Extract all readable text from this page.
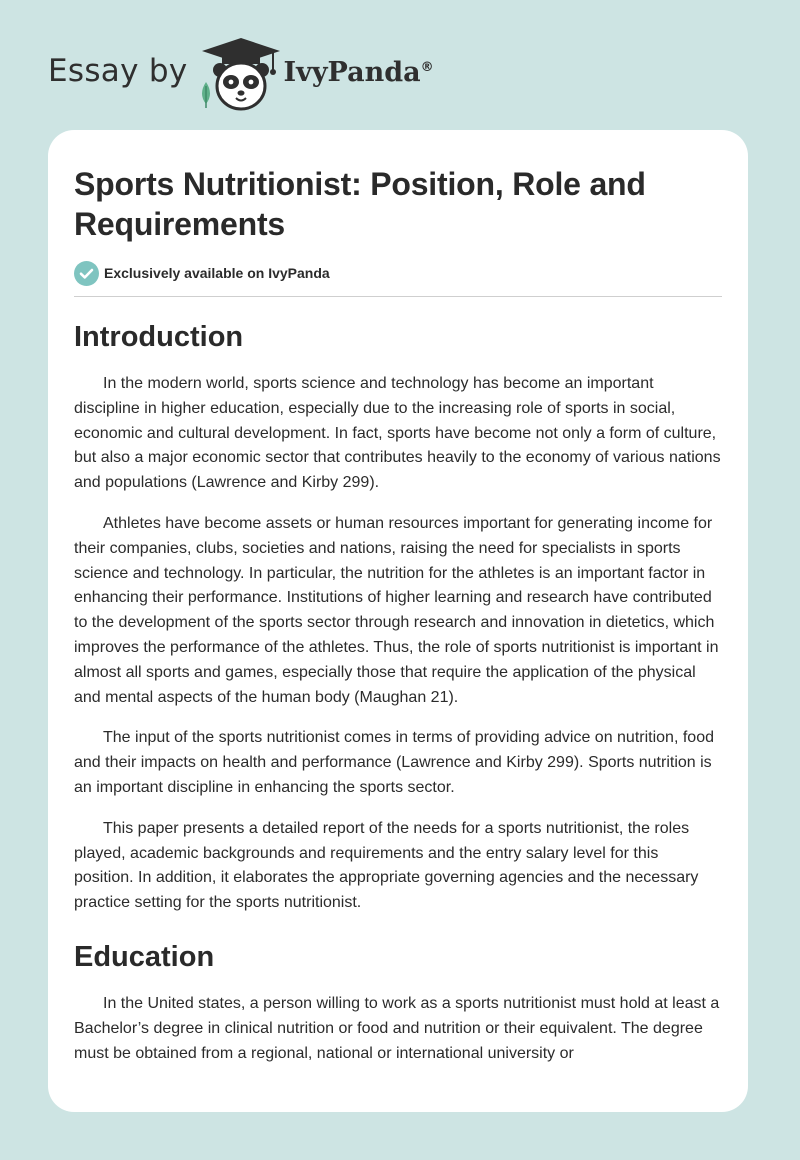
Essay by	IvyPanda®
Sports Nutritionist: Position, Role and Requirements
Exclusively available on IvyPanda
Introduction

In the modern world, sports science and technology has become an important discipline in higher education, especially due to the increasing role of sports in social, economic and cultural development. In fact, sports have become not only a form of culture, but also a major economic sector that contributes heavily to the economy of various nations and populations (Lawrence and Kirby 299).

Athletes have become assets or human resources important for generating income for their companies, clubs, societies and nations, raising the need for specialists in sports science and technology. In particular, the nutrition for the athletes is an important factor in enhancing their performance. Institutions of higher learning and research have contributed to the development of the sports sector through research and innovation in dietetics, which improves the performance of the athletes. Thus, the role of sports nutritionist is important in almost all sports and games, especially those that require the application of the physical and mental aspects of the human body (Maughan 21).

The input of the sports nutritionist comes in terms of providing advice on nutrition, food and their impacts on health and performance (Lawrence and Kirby 299). Sports nutrition is an important discipline in enhancing the sports sector.

This paper presents a detailed report of the needs for a sports nutritionist, the roles played, academic backgrounds and requirements and the entry salary level for this position. In addition, it elaborates the appropriate governing agencies and the necessary practice setting for the sports nutritionist.

Education

In the United states, a person willing to work as a sports nutritionist must hold at least a Bachelor’s degree in clinical nutrition or food and nutrition or their equivalent. The degree must be obtained from a regional, national or international university or
